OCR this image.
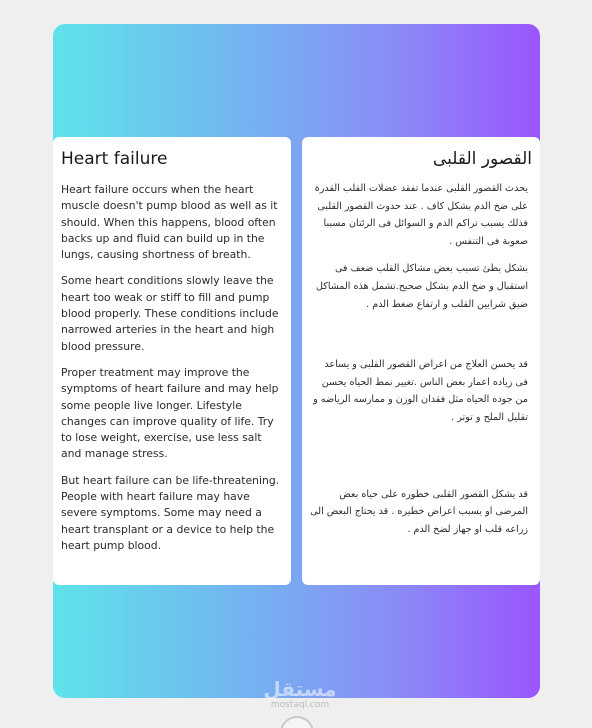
Heart failure

Heart failure occurs when the heart muscle doesn't pump blood as well as it should. When this happens, blood often backs up and fluid can build up in the lungs, causing shortness of breath.

Some heart conditions slowly leave the heart too weak or stiff to fill and pump blood properly. These conditions include narrowed arteries in the heart and high blood pressure.

Proper treatment may improve the symptoms of heart failure and may help some people live longer. Lifestyle changes can improve quality of life. Try to lose weight, exercise, use less salt and manage stress.

But heart failure can be life-threatening. People with heart failure may have severe symptoms. Some may need a heart transplant or a device to help the heart pump blood.

القصور القلبى

يحدث القصور القلبى عندما تفقد عضلات القلب القدرة على ضخ الدم بشكل كاف . عند حدوث القصور القلبى فذلك يسبب تراكم الدم و السوائل فى الرئتان مسببا صعوبة فى التنفس .

بشكل بطئ تسبب بعض مشاكل القلب ضعف فى استقبال و ضخ الدم بشكل صحيح.تشمل هذه المشاكل ضيق شرايين القلب و ارتفاع ضغط الدم .

قد يحسن العلاج من اعراض القصور القلبى و يساعد فى زياده اعمار بعض الناس .تغيير نمط الحياه يحسن من جوده الحياه مثل فقدان الوزن و ممارسه الرياضه و تقليل الملح و توتر .

قد يشكل القصور القلبى خطوره على حياه بعض المرضى او يسبب اعراض خطيره . قد يحتاج البعض الى زراعه قلب او جهاز لضخ الدم .

مستقل
mostaql.com
